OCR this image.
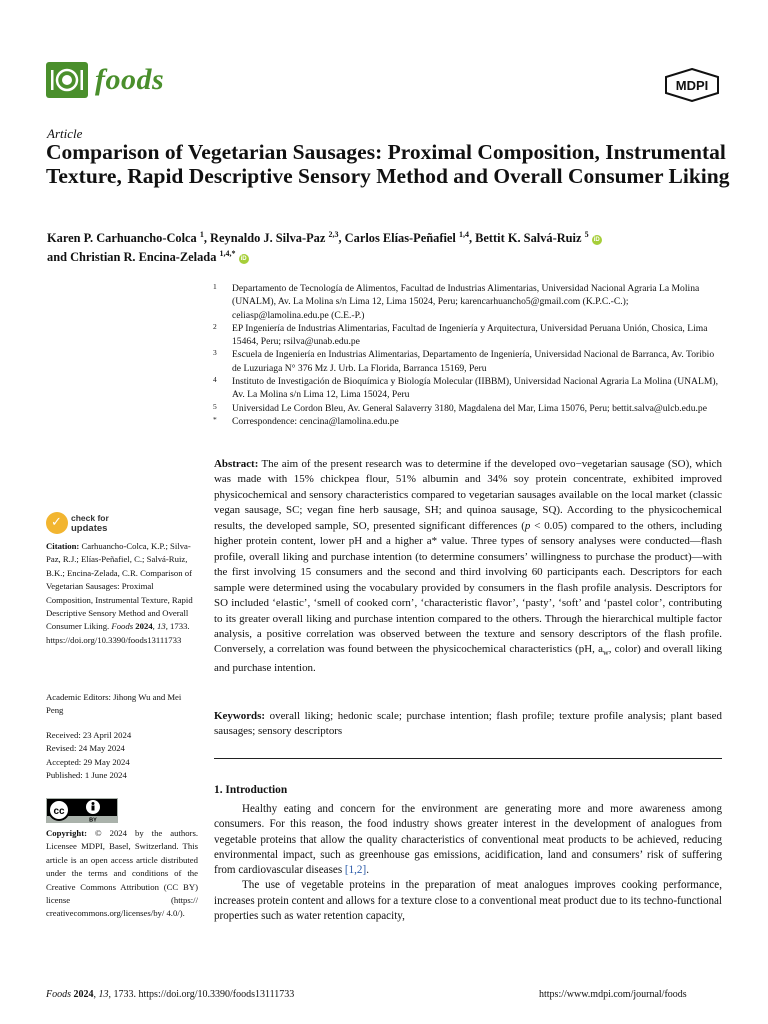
foods	MDPI
Article
Comparison of Vegetarian Sausages: Proximal Composition, Instrumental Texture, Rapid Descriptive Sensory Method and Overall Consumer Liking
Karen P. Carhuancho-Colca $^1$, Reynaldo J. Silva-Paz $^{2,3}$, Carlos Elías-Peñafiel $^{1,4}$, Bettit K. Salvá-Ruiz $^5$ iD
and Christian R. Encina-Zelada $^{1,4,*}$ iD
1 Departamento de Tecnología de Alimentos, Facultad de Industrias Alimentarias, Universidad Nacional Agraria La Molina (UNALM), Av. La Molina s/n Lima 12, Lima 15024, Peru; karencarhuancho5@gmail.com (K.P.C.-C.); celiasp@lamolina.edu.pe (C.E.-P.)
2 EP Ingeniería de Industrias Alimentarias, Facultad de Ingeniería y Arquitectura, Universidad Peruana Unión, Chosica, Lima 15464, Peru; rsilva@unab.edu.pe
3 Escuela de Ingeniería en Industrias Alimentarias, Departamento de Ingeniería, Universidad Nacional de Barranca, Av. Toribio de Luzuriaga N° 376 Mz J. Urb. La Florida, Barranca 15169, Peru
4 Instituto de Investigación de Bioquímica y Biología Molecular (IIBBM), Universidad Nacional Agraria La Molina (UNALM), Av. La Molina s/n Lima 12, Lima 15024, Peru
5 Universidad Le Cordon Bleu, Av. General Salaverry 3180, Magdalena del Mar, Lima 15076, Peru; bettit.salva@ulcb.edu.pe
* Correspondence: cencina@lamolina.edu.pe
Abstract: The aim of the present research was to determine if the developed ovo−vegetarian sausage (SO), which was made with 15% chickpea flour, 51% albumin and 34% soy protein concentrate, exhibited improved physicochemical and sensory characteristics compared to vegetarian sausages available on the local market (classic vegan sausage, SC; vegan fine herb sausage, SH; and quinoa sausage, SQ). According to the physicochemical results, the developed sample, SO, presented significant differences (p < 0.05) compared to the others, including higher protein content, lower pH and a higher a* value. Three types of sensory analyses were conducted—flash profile, overall liking and purchase intention (to determine consumers’ willingness to purchase the product)—with the first involving 15 consumers and the second and third involving 60 participants each. Descriptors for each sample were determined using the vocabulary provided by consumers in the flash profile analysis. Descriptors for SO included ‘elastic’, ‘smell of cooked corn’, ‘characteristic flavor’, ‘pasty’, ‘soft’ and ‘pastel color’, contributing to its greater overall liking and purchase intention compared to the others. Through the hierarchical multiple factor analysis, a positive correlation was observed between the texture and sensory descriptors of the flash profile. Conversely, a correlation was found between the physicochemical characteristics (pH, $a_w$, color) and overall liking and purchase intention.
Keywords: overall liking; hedonic scale; purchase intention; flash profile; texture profile analysis; plant based sausages; sensory descriptors
1. Introduction

Healthy eating and concern for the environment are generating more and more awareness among consumers. For this reason, the food industry shows greater interest in the development of analogues from vegetable proteins that allow the quality characteristics of conventional meat products to be achieved, reducing environmental impact, such as greenhouse gas emissions, acidification, land and consumers’ risk of suffering from cardiovascular diseases [1,2].

The use of vegetable proteins in the preparation of meat analogues improves cooking performance, increases protein content and allows for a texture close to a conventional meat product due to its techno-functional properties such as water retention capacity,

✓ check for
updates
Citation: Carhuancho-Colca, K.P.; Silva-Paz, R.J.; Elías-Peñafiel, C.; Salvá-Ruiz, B.K.; Encina-Zelada, C.R. Comparison of Vegetarian Sausages: Proximal Composition, Instrumental Texture, Rapid Descriptive Sensory Method and Overall Consumer Liking. Foods 2024, 13, 1733. https://doi.org/10.3390/foods13111733
Academic Editors: Jihong Wu and Mei Peng
Received: 23 April 2024
Revised: 24 May 2024
Accepted: 29 May 2024
Published: 1 June 2024
cc
BY
Copyright: © 2024 by the authors. Licensee MDPI, Basel, Switzerland. This article is an open access article distributed under the terms and conditions of the Creative Commons Attribution (CC BY) license (https:// creativecommons.org/licenses/by/ 4.0/).
Foods 2024, 13, 1733. https://doi.org/10.3390/foods13111733	https://www.mdpi.com/journal/foods
